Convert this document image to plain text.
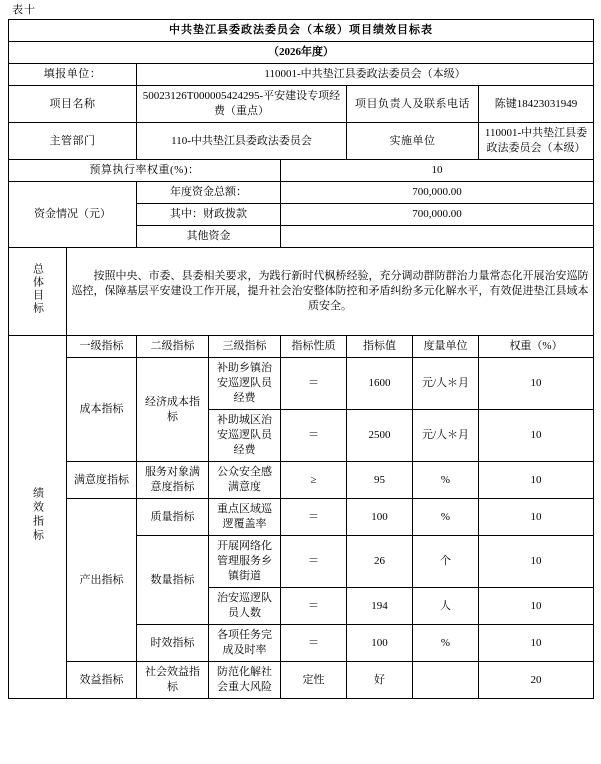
表十
中共垫江县委政法委员会（本级）项目绩效目标表							
（2026年度）							
填报单位：		110001-中共垫江县委政法委员会（本级）					
项目名称		50023126T000005424295-平安建设专项经费（重点）			项目负责人及联系电话		陈键18423031949
主管部门		110-中共垫江县委政法委员会			实施单位		110001-中共垫江县委政法委员会（本级）
预算执行率权重(%)：				10			
资金情况（元）		年度资金总额：		700,000.00			
		其中：财政拨款		700,000.00			
		其他资金					
总体目标	按照中央、市委、县委相关要求，为践行新时代枫桥经验，充分调动群防群治力量常态化开展治安巡防巡控，保障基层平安建设工作开展，提升社会治安整体防控和矛盾纠纷多元化解水平，有效促进垫江县域本质安全。						
绩效指标	一级指标	二级指标	三级指标	指标性质	指标值	度量单位	权重（%）
	成本指标	经济成本指标	补助乡镇治安巡逻队员经费	＝	1600	元/人＊月	10
			补助城区治安巡逻队员经费	＝	2500	元/人＊月	10
	满意度指标	服务对象满意度指标	公众安全感满意度	≥	95	%	10
	产出指标	质量指标	重点区域巡逻覆盖率	＝	100	%	10
		数量指标	开展网络化管理服务乡镇街道	＝	26	个	10
			治安巡逻队员人数	＝	194	人	10
		时效指标	各项任务完成及时率	＝	100	%	10
	效益指标	社会效益指标	防范化解社会重大风险	定性	好		20
